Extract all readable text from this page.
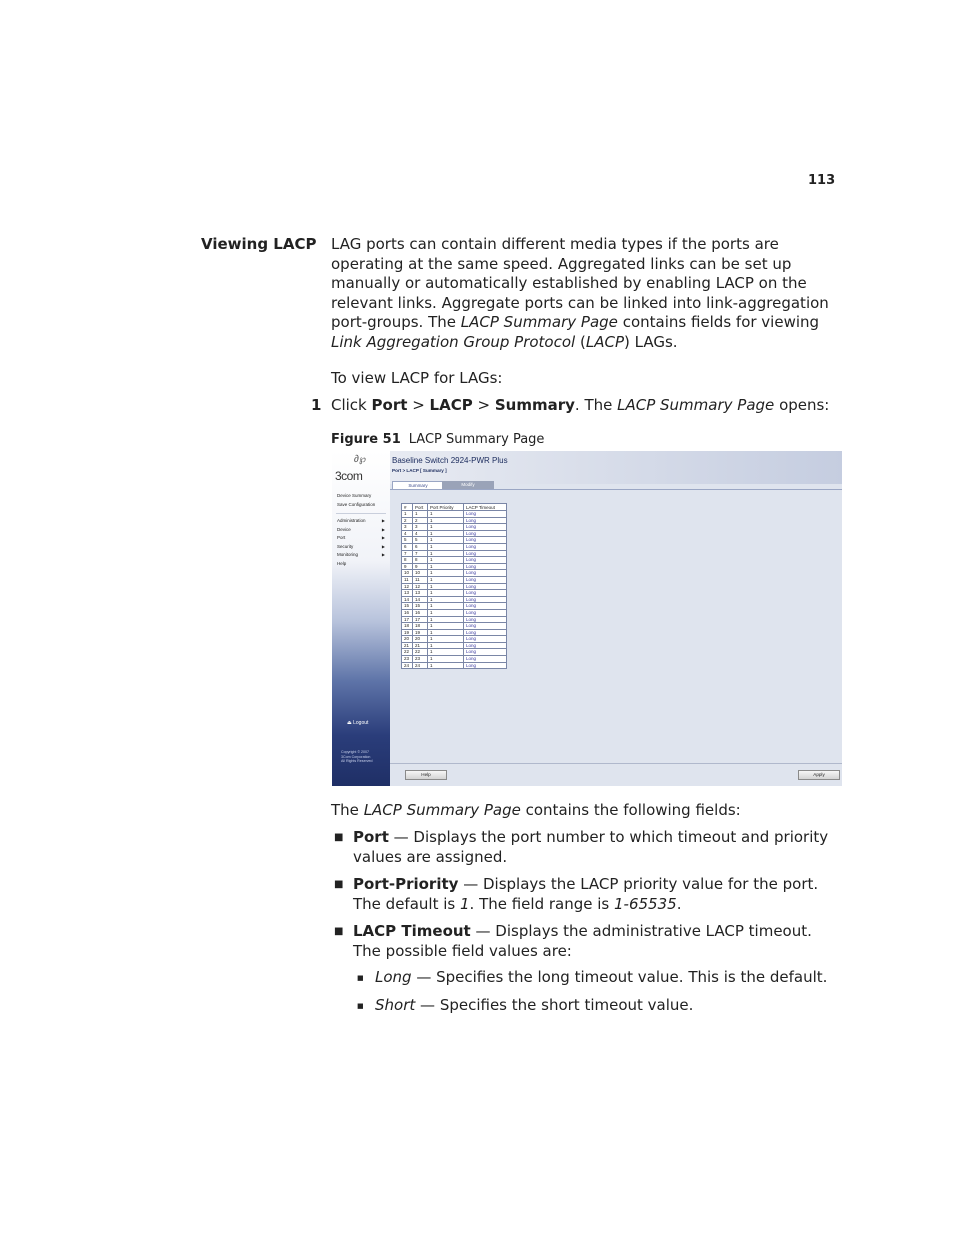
113
Viewing LACP LAG ports can contain different media types if the ports are operating at the same speed. Aggregated links can be set up manually or automatically established by enabling LACP on the relevant links. Aggregate ports can be linked into link-aggregation port-groups. The LACP Summary Page contains fields for viewing Link Aggregation Group Protocol (LACP) LAGs.
To view LACP for LAGs:
1 Click Port > LACP > Summary. The LACP Summary Page opens:
Figure 51 LACP Summary Page
∂℘
3com
Device Summary
Save Configuration
Administration	▶
Device	▶
Port	▶
Security	▶
Monitoring	▶
Help
⏏ Logout
Copyright © 2007
3Com Corporation
All Rights Reserved
Baseline Switch 2924-PWR Plus
Port > LACP [ Summary ]
Summary	Modify
#	Port	Port Priority	LACP Timeout
1	1	1	Long
2	2	1	Long
3	3	1	Long
4	4	1	Long
5	5	1	Long
6	6	1	Long
7	7	1	Long
8	8	1	Long
9	9	1	Long
10	10	1	Long
11	11	1	Long
12	12	1	Long
13	13	1	Long
14	14	1	Long
15	15	1	Long
16	16	1	Long
17	17	1	Long
18	18	1	Long
19	19	1	Long
20	20	1	Long
21	21	1	Long
22	22	1	Long
23	23	1	Long
24	24	1	Long
Help	Apply
The LACP Summary Page contains the following fields:
■ Port — Displays the port number to which timeout and priority values are assigned.
■ Port-Priority — Displays the LACP priority value for the port. The default is 1. The field range is 1-65535.
■ LACP Timeout — Displays the administrative LACP timeout. The possible field values are:
■ Long — Specifies the long timeout value. This is the default.
■ Short — Specifies the short timeout value.
